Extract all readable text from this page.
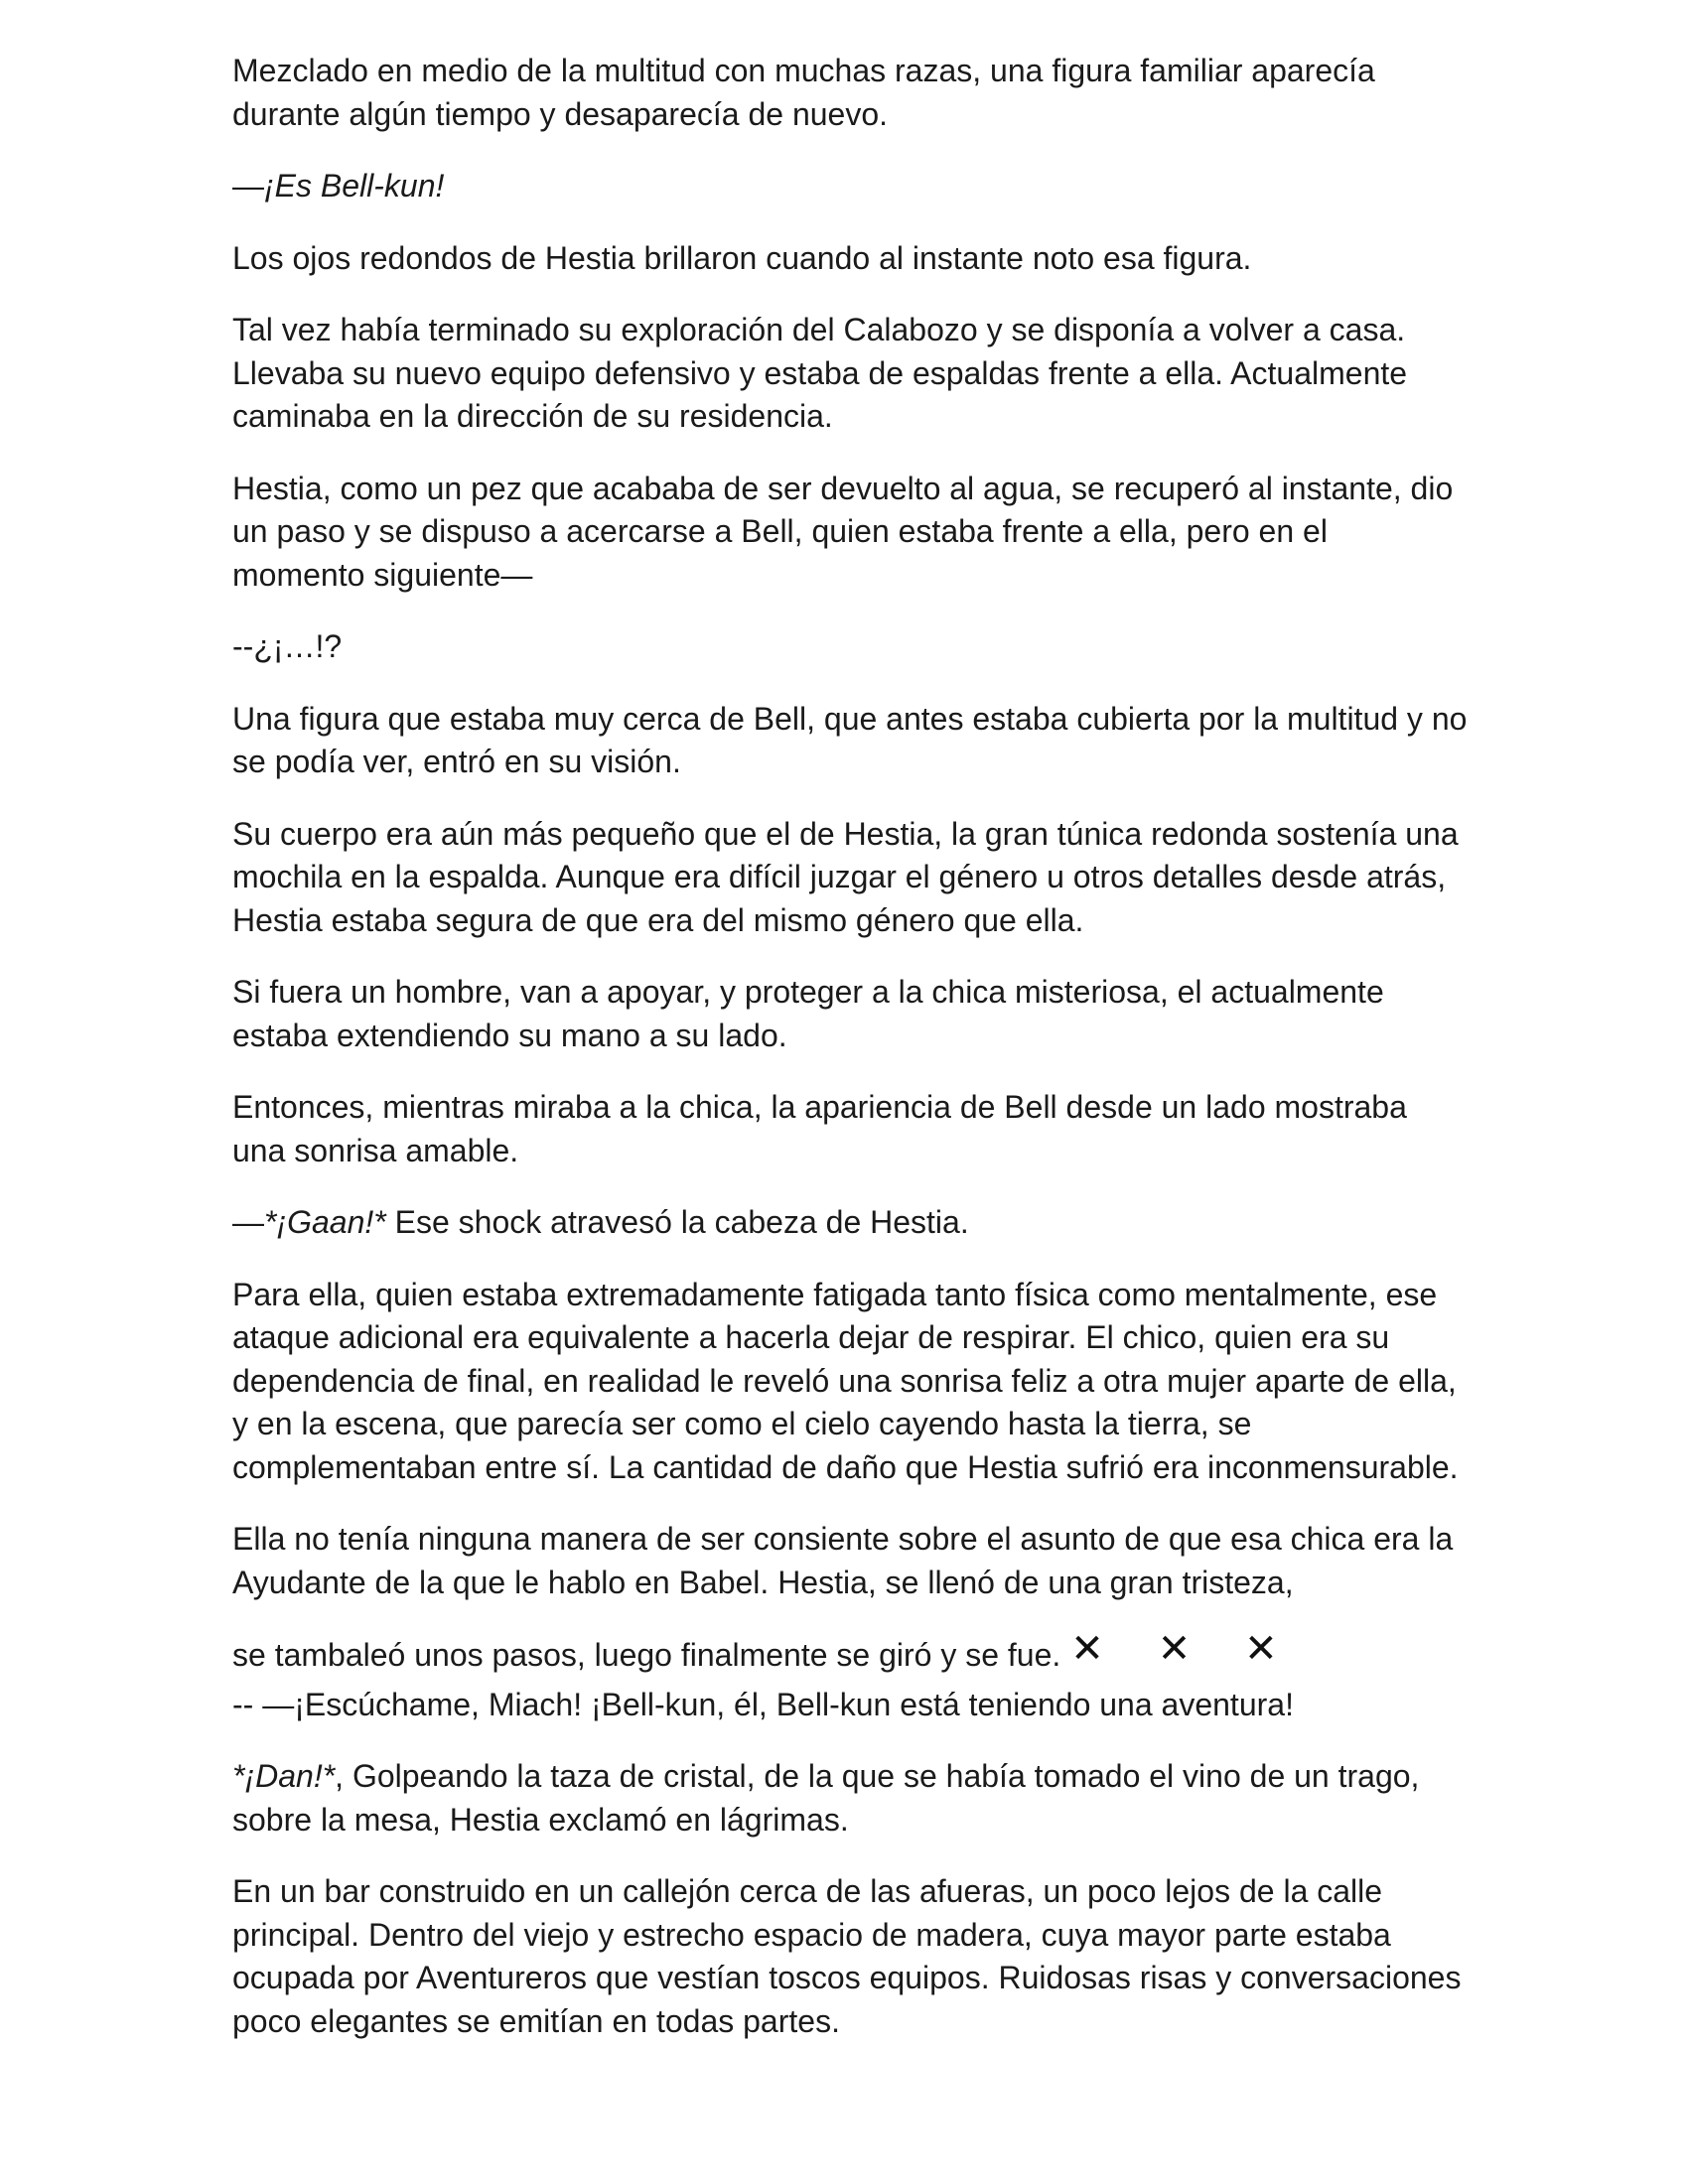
Mezclado en medio de la multitud con muchas razas, una figura familiar aparecía durante algún tiempo y desaparecía de nuevo.

—¡Es Bell-kun!

Los ojos redondos de Hestia brillaron cuando al instante noto esa figura.

Tal vez había terminado su exploración del Calabozo y se disponía a volver a casa. Llevaba su nuevo equipo defensivo y estaba de espaldas frente a ella. Actualmente caminaba en la dirección de su residencia.

Hestia, como un pez que acababa de ser devuelto al agua, se recuperó al instante, dio un paso y se dispuso a acercarse a Bell, quien estaba frente a ella, pero en el momento siguiente—

--¿¡…!?

Una figura que estaba muy cerca de Bell, que antes estaba cubierta por la multitud y no se podía ver, entró en su visión.

Su cuerpo era aún más pequeño que el de Hestia, la gran túnica redonda sostenía una mochila en la espalda. Aunque era difícil juzgar el género u otros detalles desde atrás, Hestia estaba segura de que era del mismo género que ella.

Si fuera un hombre, van a apoyar, y proteger a la chica misteriosa, el actualmente estaba extendiendo su mano a su lado.

Entonces, mientras miraba a la chica, la apariencia de Bell desde un lado mostraba una sonrisa amable.

—*¡Gaan!* Ese shock atravesó la cabeza de Hestia.

Para ella, quien estaba extremadamente fatigada tanto física como mentalmente, ese ataque adicional era equivalente a hacerla dejar de respirar. El chico, quien era su dependencia de final, en realidad le reveló una sonrisa feliz a otra mujer aparte de ella, y en la escena, que parecía ser como el cielo cayendo hasta la tierra, se complementaban entre sí. La cantidad de daño que Hestia sufrió era inconmensurable.

Ella no tenía ninguna manera de ser consiente sobre el asunto de que esa chica era la Ayudante de la que le hablo en Babel. Hestia, se llenó de una gran tristeza,
se tambaleó unos pasos, luego finalmente se giró y se fue. ✕ ✕ ✕

-- —¡Escúchame, Miach! ¡Bell-kun, él, Bell-kun está teniendo una aventura!

*¡Dan!*, Golpeando la taza de cristal, de la que se había tomado el vino de un trago, sobre la mesa, Hestia exclamó en lágrimas.

En un bar construido en un callejón cerca de las afueras, un poco lejos de la calle principal. Dentro del viejo y estrecho espacio de madera, cuya mayor parte estaba ocupada por Aventureros que vestían toscos equipos. Ruidosas risas y conversaciones poco elegantes se emitían en todas partes.
